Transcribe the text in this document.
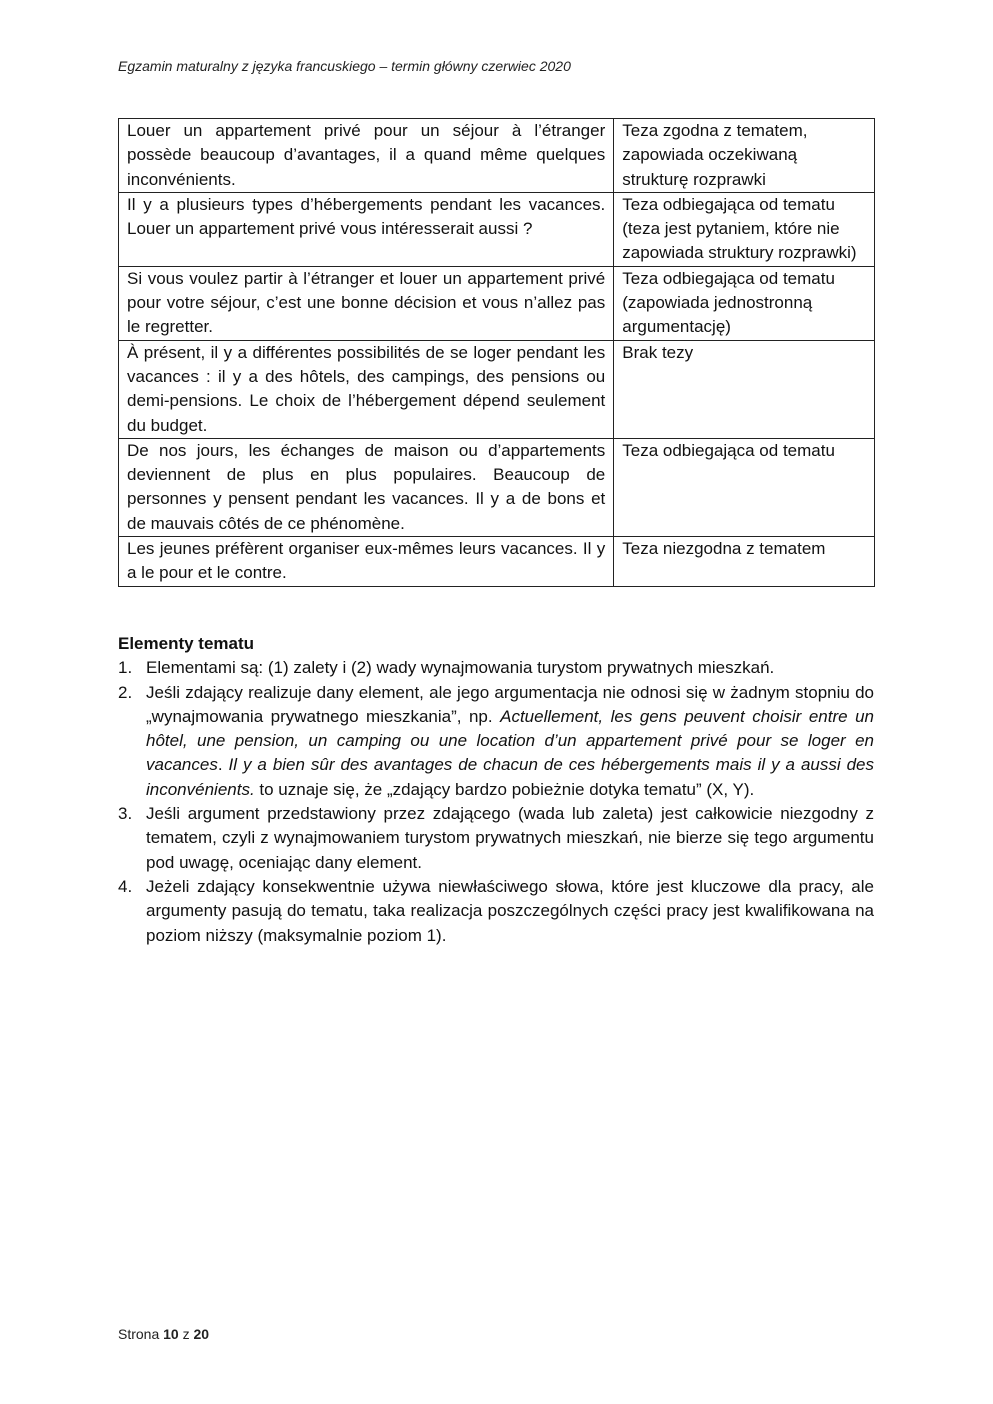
Egzamin maturalny z języka francuskiego – termin główny czerwiec 2020
Louer un appartement privé pour un séjour à l’étranger possède beaucoup d’avantages, il a quand même quelques inconvénients.	Teza zgodna z tematem, zapowiada oczekiwaną strukturę rozprawki
Il y a plusieurs types d’hébergements pendant les vacances. Louer un appartement privé vous intéresserait aussi ?	Teza odbiegająca od tematu (teza jest pytaniem, które nie zapowiada struktury rozprawki)
Si vous voulez partir à l’étranger et louer un appartement privé pour votre séjour, c’est une bonne décision et vous n’allez pas le regretter.	Teza odbiegająca od tematu (zapowiada jednostronną argumentację)
À présent, il y a différentes possibilités de se loger pendant les vacances : il y a des hôtels, des campings, des pensions ou demi-pensions. Le choix de l’hébergement dépend seulement du budget.	Brak tezy
De nos jours, les échanges de maison ou d’appartements deviennent de plus en plus populaires. Beaucoup de personnes y pensent pendant les vacances. Il y a de bons et de mauvais côtés de ce phénomène.	Teza odbiegająca od tematu
Les jeunes préfèrent organiser eux-mêmes leurs vacances. Il y a le pour et le contre.	Teza niezgodna z tematem

Elementy tematu

1. Elementami są: (1) zalety i (2) wady wynajmowania turystom prywatnych mieszkań.
2. Jeśli zdający realizuje dany element, ale jego argumentacja nie odnosi się w żadnym stopniu do „wynajmowania prywatnego mieszkania”, np. Actuellement, les gens peuvent choisir entre un hôtel, une pension, un camping ou une location d’un appartement privé pour se loger en vacances. Il y a bien sûr des avantages de chacun de ces hébergements mais il y a aussi des inconvénients. to uznaje się, że „zdający bardzo pobieżnie dotyka tematu” (X, Y).
3. Jeśli argument przedstawiony przez zdającego (wada lub zaleta) jest całkowicie niezgodny z tematem, czyli z wynajmowaniem turystom prywatnych mieszkań, nie bierze się tego argumentu pod uwagę, oceniając dany element.
4. Jeżeli zdający konsekwentnie używa niewłaściwego słowa, które jest kluczowe dla pracy, ale argumenty pasują do tematu, taka realizacja poszczególnych części pracy jest kwalifikowana na poziom niższy (maksymalnie poziom 1).
Strona 10 z 20
